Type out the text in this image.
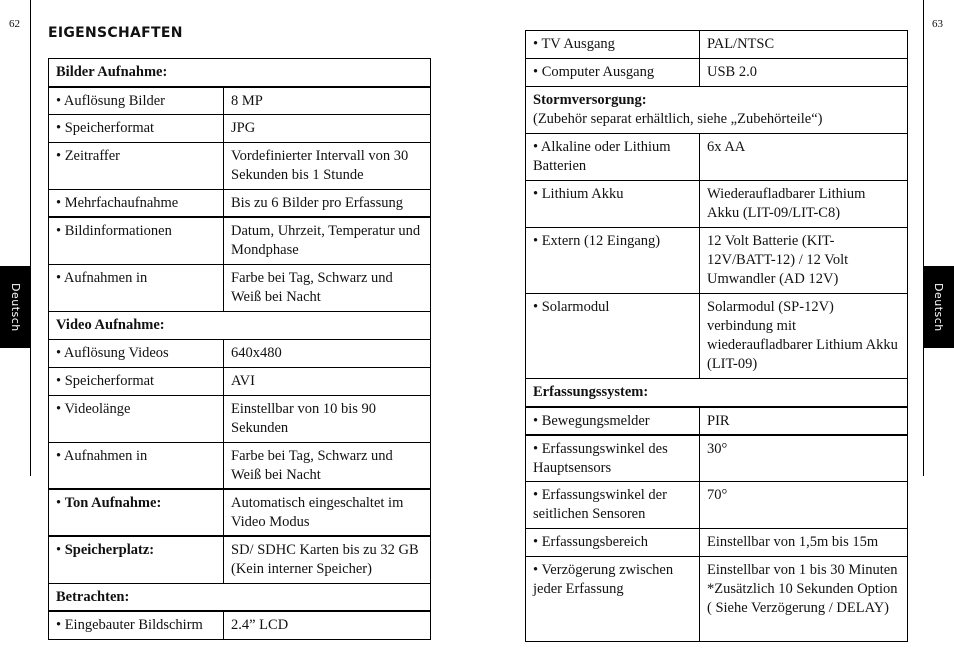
62
Deutsch
EIGENSCHAFTEN
Bilder Aufnahme:	
• Auflösung Bilder	8 MP
• Speicherformat	JPG
• Zeitraffer	Vordefinierter Intervall von 30 Sekunden bis 1 Stunde
• Mehrfachaufnahme	Bis zu 6 Bilder pro Erfassung
• Bildinformationen	Datum, Uhrzeit, Temperatur und Mondphase
• Aufnahmen in	Farbe bei Tag, Schwarz und Weiß bei Nacht
Video Aufnahme:	
• Auflösung Videos	640x480
• Speicherformat	AVI
• Videolänge	Einstellbar von 10 bis 90 Sekunden
• Aufnahmen in	Farbe bei Tag, Schwarz und Weiß bei Nacht
• Ton Aufnahme:	Automatisch eingeschaltet im Video Modus
• Speicherplatz:	SD/ SDHC Karten bis zu 32 GB (Kein interner Speicher)
Betrachten:	
• Eingebauter Bildschirm	2.4” LCD
63
Deutsch
• TV Ausgang	PAL/NTSC
• Computer Ausgang	USB 2.0
Stormversorgung:
(Zubehör separat erhältlich, siehe „Zubehörteile“)	
• Alkaline oder Lithium Batterien	6x AA
• Lithium Akku	Wiederaufladbarer Lithium Akku (LIT-09/LIT-C8)
• Extern (12 Eingang)	12 Volt Batterie (KIT-12V/BATT-12) / 12 Volt Umwandler (AD 12V)
• Solarmodul	Solarmodul (SP-12V) verbindung mit wiederaufladbarer Lithium Akku (LIT-09)
Erfassungssystem:	
• Bewegungsmelder	PIR
• Erfassungswinkel des Hauptsensors	30°
• Erfassungswinkel der seitlichen Sensoren	70°
• Erfassungsbereich	Einstellbar von 1,5m bis 15m
• Verzögerung zwischen jeder Erfassung	Einstellbar von 1 bis 30 Minuten *Zusätzlich 10 Sekunden Option ( Siehe Verzögerung / DELAY)
